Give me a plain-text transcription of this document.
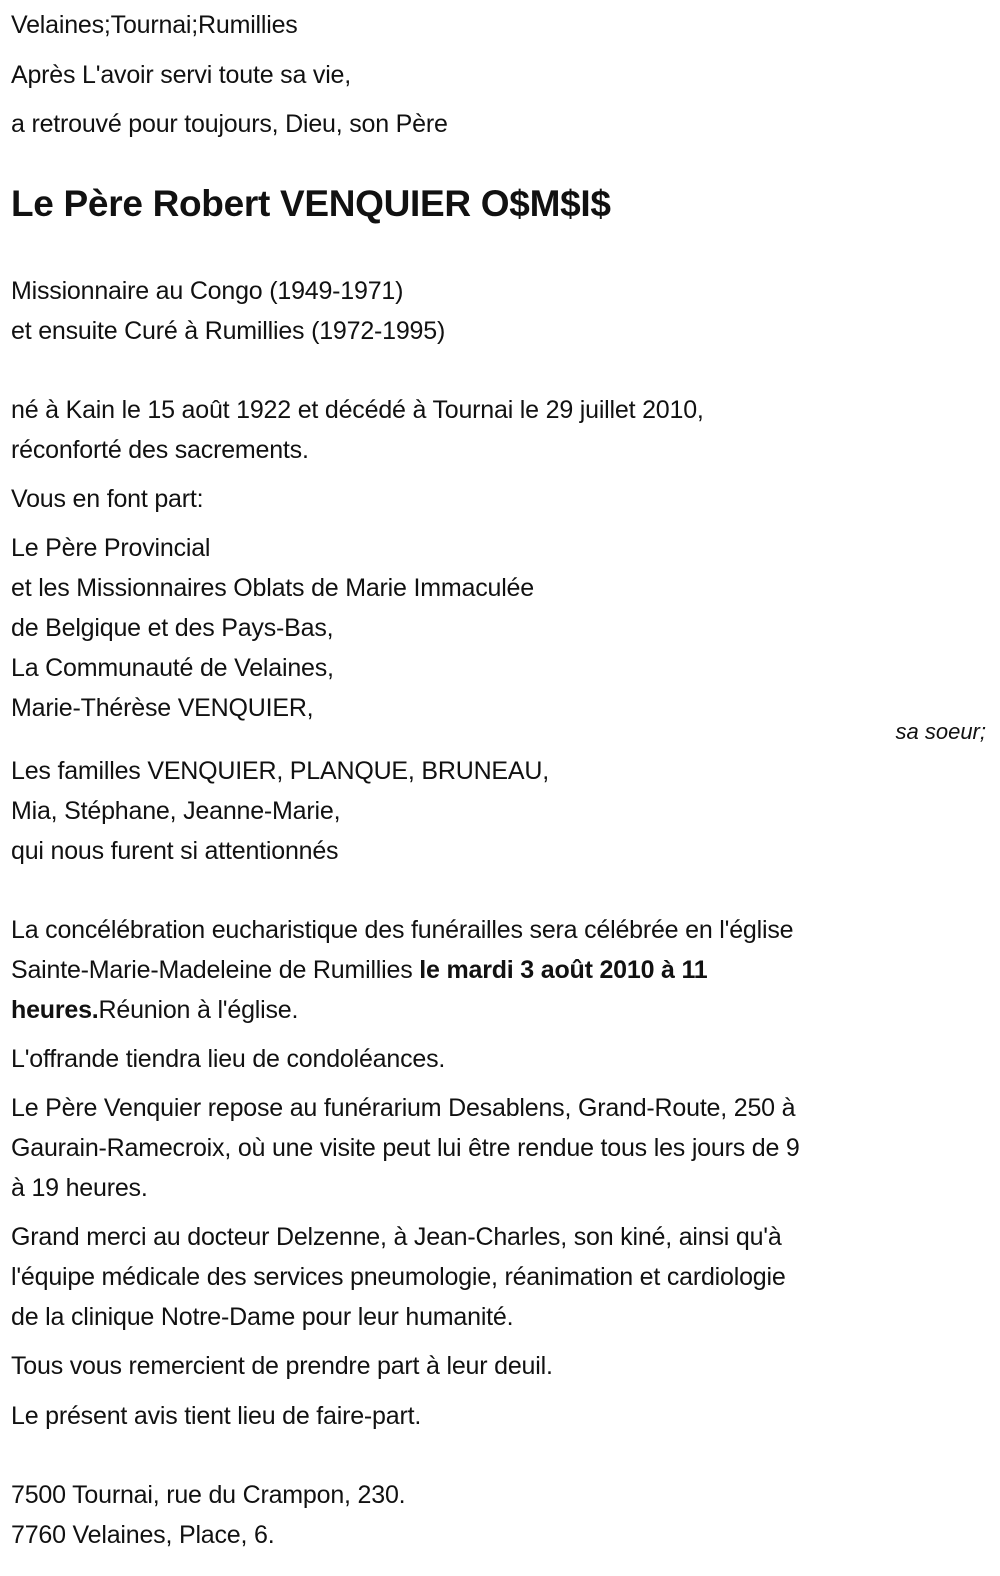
Velaines;Tournai;Rumillies
Après L'avoir servi toute sa vie,
a retrouvé pour toujours, Dieu, son Père
Le Père Robert VENQUIER O$M$I$
Missionnaire au Congo (1949-1971)
et ensuite Curé à Rumillies (1972-1995)
né à Kain le 15 août 1922 et décédé à Tournai le 29 juillet 2010,
réconforté des sacrements.
Vous en font part:
Le Père Provincial
et les Missionnaires Oblats de Marie Immaculée
de Belgique et des Pays-Bas,
La Communauté de Velaines,
Marie-Thérèse VENQUIER,
sa soeur;
Les familles VENQUIER, PLANQUE, BRUNEAU,
Mia, Stéphane, Jeanne-Marie,
qui nous furent si attentionnés
La concélébration eucharistique des funérailles sera célébrée en l'église
Sainte-Marie-Madeleine de Rumillies le mardi 3 août 2010 à 11
heures.Réunion à l'église.
L'offrande tiendra lieu de condoléances.
Le Père Venquier repose au funérarium Desablens, Grand-Route, 250 à
Gaurain-Ramecroix, où une visite peut lui être rendue tous les jours de 9
à 19 heures.
Grand merci au docteur Delzenne, à Jean-Charles, son kiné, ainsi qu'à
l'équipe médicale des services pneumologie, réanimation et cardiologie
de la clinique Notre-Dame pour leur humanité.
Tous vous remercient de prendre part à leur deuil.
Le présent avis tient lieu de faire-part.
7500 Tournai, rue du Crampon, 230.
7760 Velaines, Place, 6.
